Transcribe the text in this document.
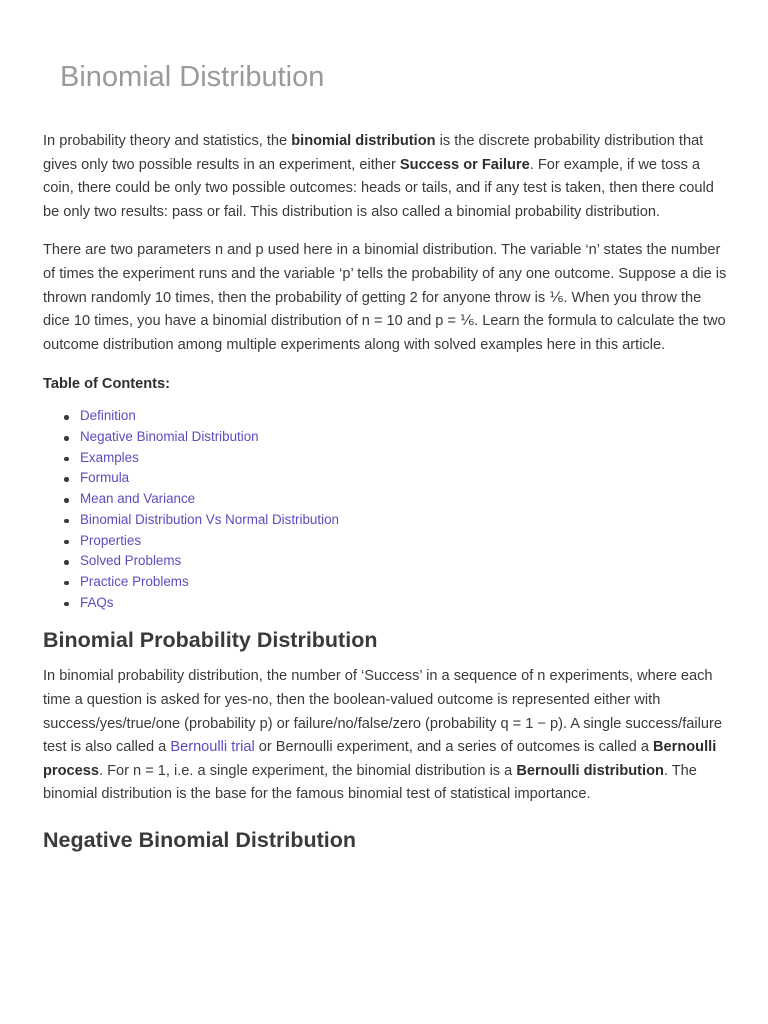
Binomial Distribution

In probability theory and statistics, the binomial distribution is the discrete probability distribution that gives only two possible results in an experiment, either Success or Failure. For example, if we toss a coin, there could be only two possible outcomes: heads or tails, and if any test is taken, then there could be only two results: pass or fail. This distribution is also called a binomial probability distribution.

There are two parameters n and p used here in a binomial distribution. The variable ‘n’ states the number of times the experiment runs and the variable ‘p’ tells the probability of any one outcome. Suppose a die is thrown randomly 10 times, then the probability of getting 2 for anyone throw is ⅙. When you throw the dice 10 times, you have a binomial distribution of n = 10 and p = ⅙. Learn the formula to calculate the two outcome distribution among multiple experiments along with solved examples here in this article.

Table of Contents:
Definition
Negative Binomial Distribution
Examples
Formula
Mean and Variance
Binomial Distribution Vs Normal Distribution
Properties
Solved Problems
Practice Problems
FAQs
Binomial Probability Distribution

In binomial probability distribution, the number of ‘Success’ in a sequence of n experiments, where each time a question is asked for yes-no, then the boolean-valued outcome is represented either with success/yes/true/one (probability p) or failure/no/false/zero (probability q = 1 − p). A single success/failure test is also called a Bernoulli trial or Bernoulli experiment, and a series of outcomes is called a Bernoulli process. For n = 1, i.e. a single experiment, the binomial distribution is a Bernoulli distribution. The binomial distribution is the base for the famous binomial test of statistical importance.

Negative Binomial Distribution
